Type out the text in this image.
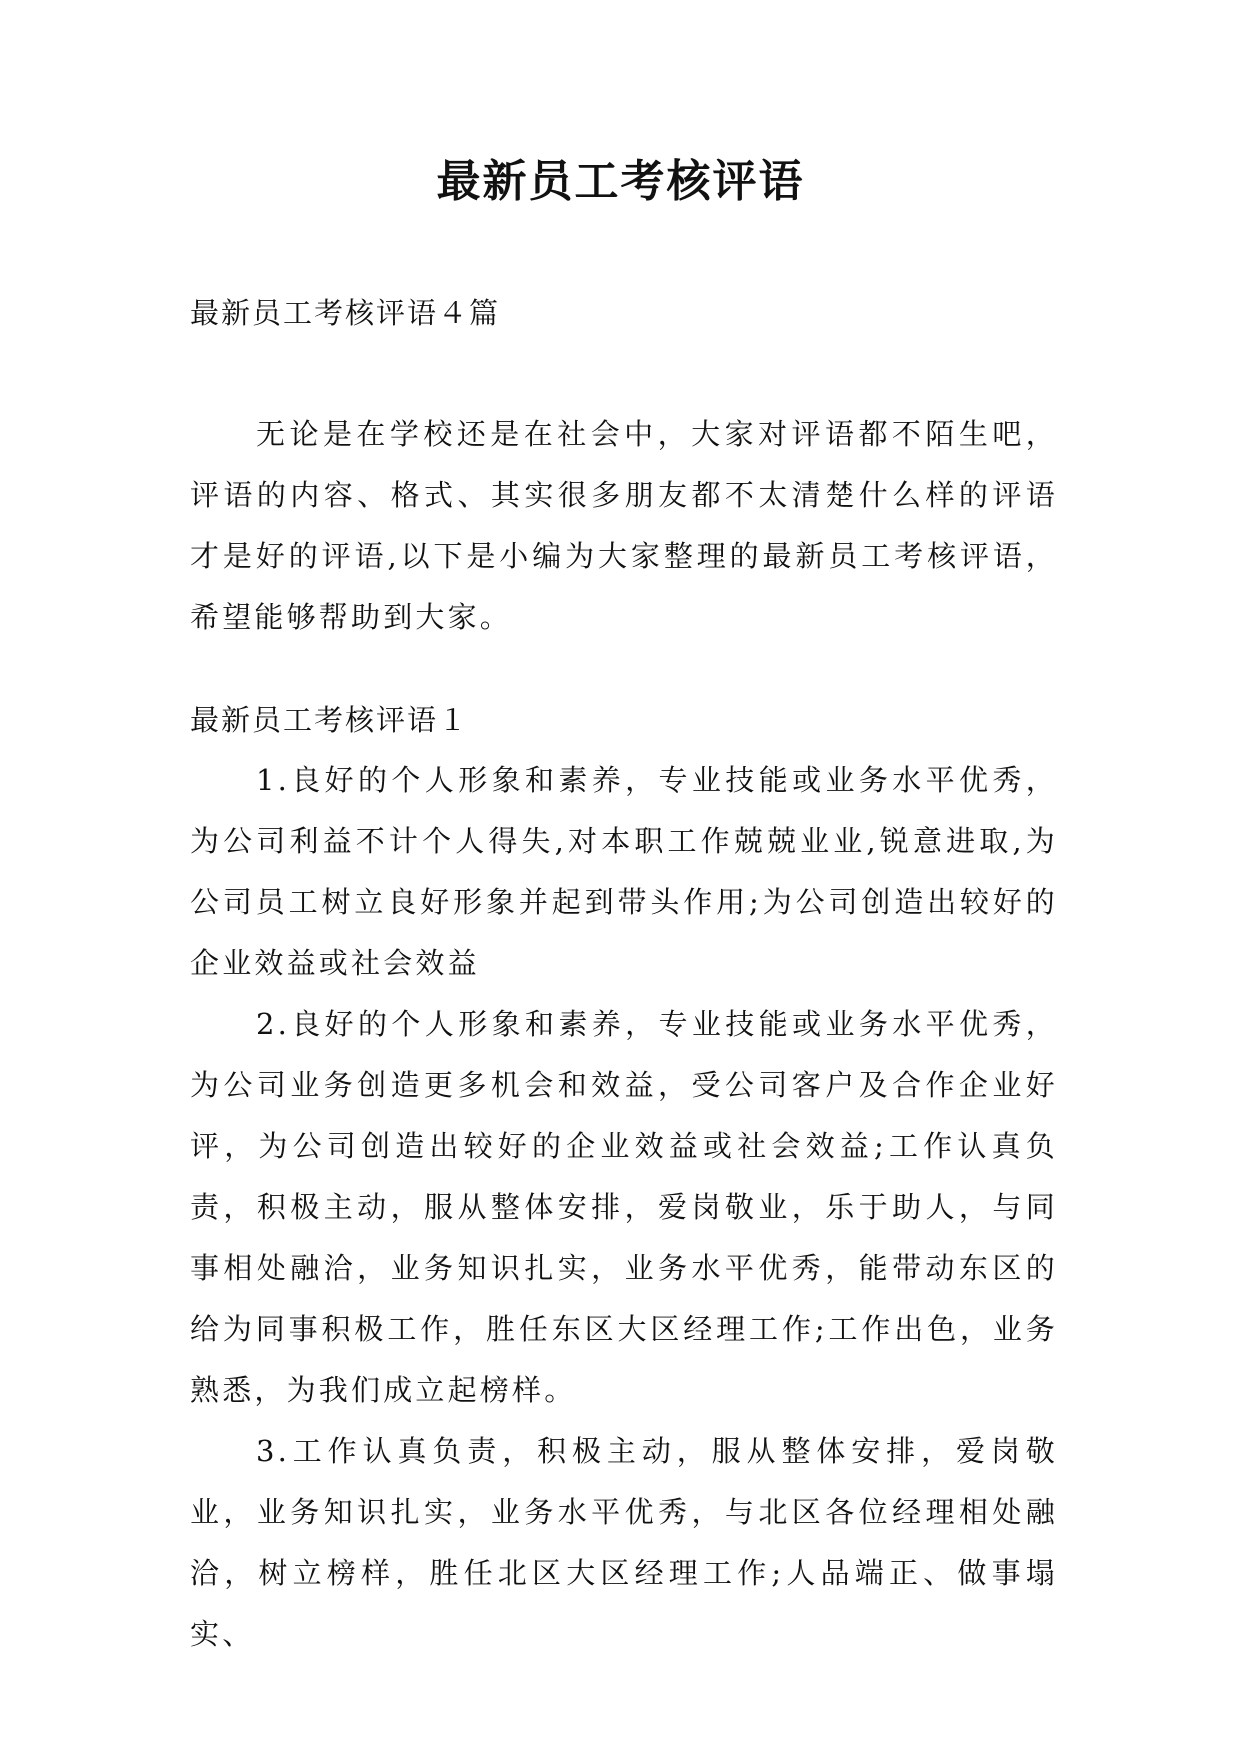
最新员工考核评语

最新员工考核评语４篇

无论是在学校还是在社会中，大家对评语都不陌生吧，评语的内容、格式、其实很多朋友都不太清楚什么样的评语才是好的评语,以下是小编为大家整理的最新员工考核评语，希望能够帮助到大家。

最新员工考核评语１

1.良好的个人形象和素养，专业技能或业务水平优秀，为公司利益不计个人得失,对本职工作兢兢业业,锐意进取,为公司员工树立良好形象并起到带头作用;为公司创造出较好的企业效益或社会效益

2.良好的个人形象和素养，专业技能或业务水平优秀，为公司业务创造更多机会和效益，受公司客户及合作企业好评，为公司创造出较好的企业效益或社会效益;工作认真负责，积极主动，服从整体安排，爱岗敬业，乐于助人，与同事相处融洽，业务知识扎实，业务水平优秀，能带动东区的给为同事积极工作，胜任东区大区经理工作;工作出色，业务熟悉，为我们成立起榜样。

3.工作认真负责，积极主动，服从整体安排，爱岗敬业，业务知识扎实，业务水平优秀，与北区各位经理相处融洽，树立榜样，胜任北区大区经理工作;人品端正、做事塌实、
